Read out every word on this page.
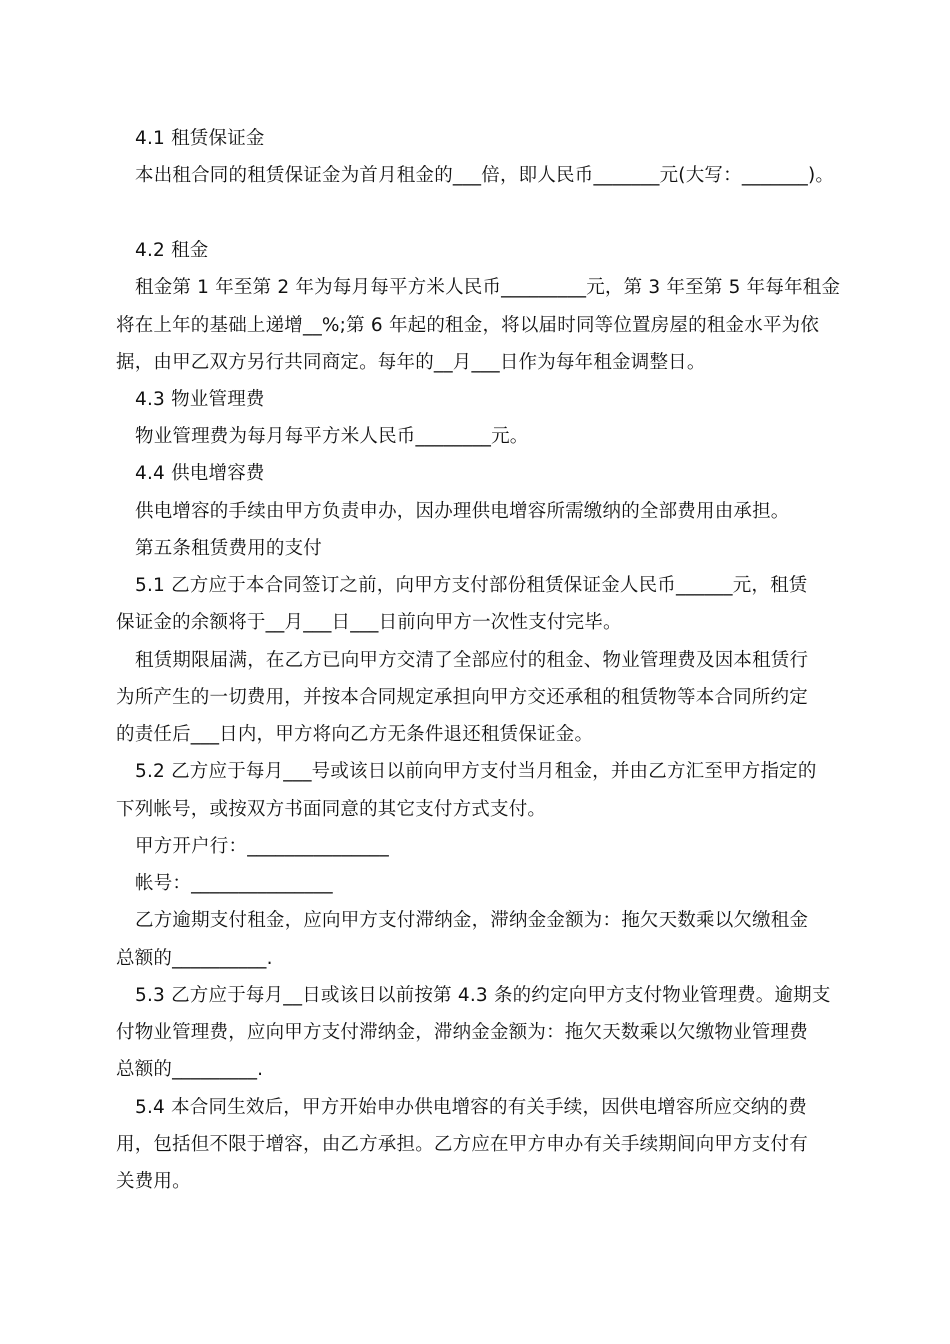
4.1 租赁保证金
本出租合同的租赁保证金为首月租金的___倍，即人民币_______元(大写：_______)。
4.2 租金
租金第 1 年至第 2 年为每月每平方米人民币_________元，第 3 年至第 5 年每年租金
将在上年的基础上递增__%;第 6 年起的租金，将以届时同等位置房屋的租金水平为依
据，由甲乙双方另行共同商定。每年的__月___日作为每年租金调整日。
4.3 物业管理费
物业管理费为每月每平方米人民币________元。
4.4 供电增容费
供电增容的手续由甲方负责申办，因办理供电增容所需缴纳的全部费用由承担。
第五条租赁费用的支付
5.1 乙方应于本合同签订之前，向甲方支付部份租赁保证金人民币______元，租赁
保证金的余额将于__月___日___日前向甲方一次性支付完毕。
租赁期限届满，在乙方已向甲方交清了全部应付的租金、物业管理费及因本租赁行
为所产生的一切费用，并按本合同规定承担向甲方交还承租的租赁物等本合同所约定
的责任后___日内，甲方将向乙方无条件退还租赁保证金。
5.2 乙方应于每月___号或该日以前向甲方支付当月租金，并由乙方汇至甲方指定的
下列帐号，或按双方书面同意的其它支付方式支付。
甲方开户行：_______________
帐号：_______________
乙方逾期支付租金，应向甲方支付滞纳金，滞纳金金额为：拖欠天数乘以欠缴租金
总额的__________.
5.3 乙方应于每月__日或该日以前按第 4.3 条的约定向甲方支付物业管理费。逾期支
付物业管理费，应向甲方支付滞纳金，滞纳金金额为：拖欠天数乘以欠缴物业管理费
总额的_________.
5.4 本合同生效后，甲方开始申办供电增容的有关手续，因供电增容所应交纳的费
用，包括但不限于增容，由乙方承担。乙方应在甲方申办有关手续期间向甲方支付有
关费用。
